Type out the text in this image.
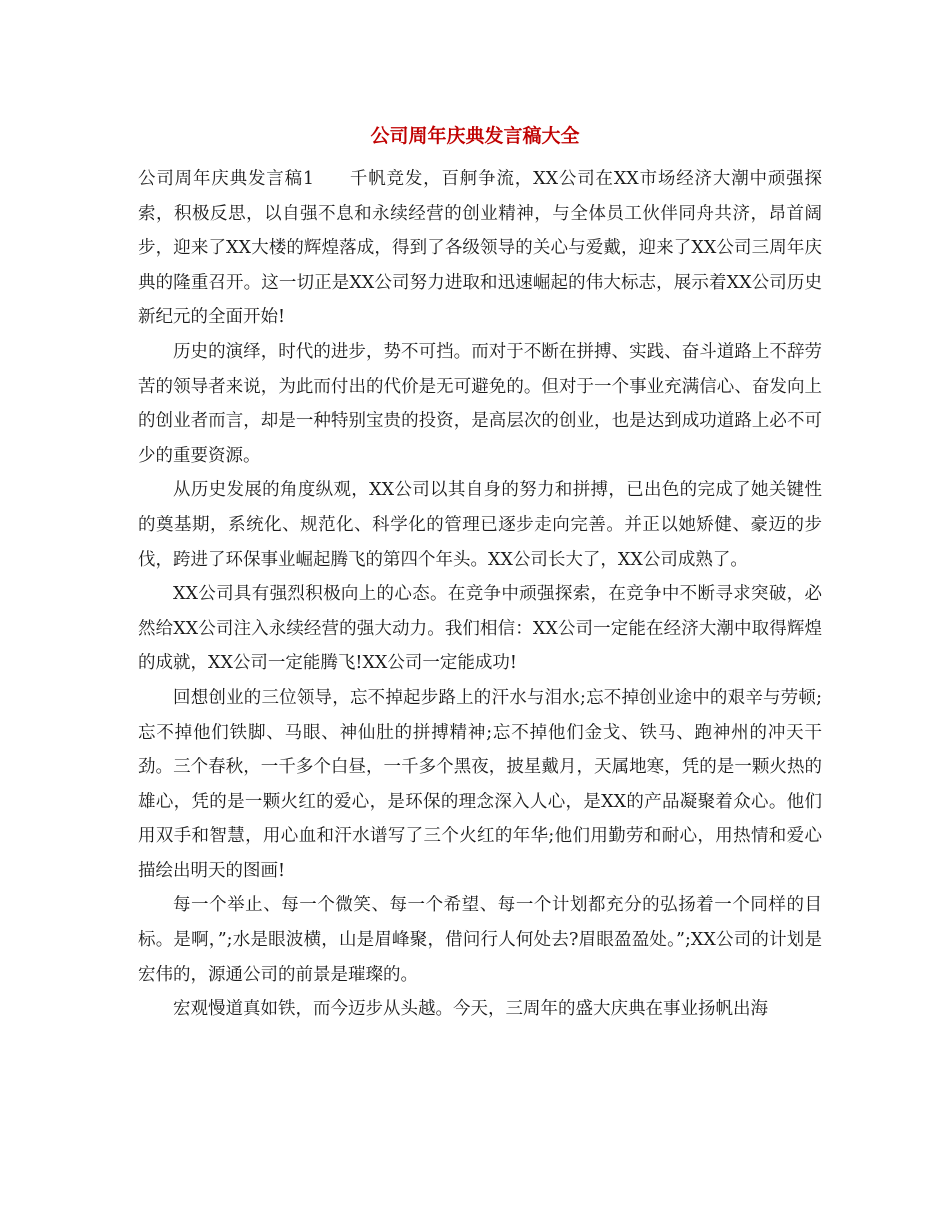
公司周年庆典发言稿大全

公司周年庆典发言稿1 千帆竞发，百舸争流，XX公司在XX市场经济大潮中顽强探索，积极反思，以自强不息和永续经营的创业精神，与全体员工伙伴同舟共济，昂首阔步，迎来了XX大楼的辉煌落成，得到了各级领导的关心与爱戴，迎来了XX公司三周年庆典的隆重召开。这一切正是XX公司努力进取和迅速崛起的伟大标志，展示着XX公司历史新纪元的全面开始!

历史的演绎，时代的进步，势不可挡。而对于不断在拼搏、实践、奋斗道路上不辞劳苦的领导者来说，为此而付出的代价是无可避免的。但对于一个事业充满信心、奋发向上的创业者而言，却是一种特别宝贵的投资，是高层次的创业，也是达到成功道路上必不可少的重要资源。

从历史发展的角度纵观，XX公司以其自身的努力和拼搏，已出色的完成了她关键性的奠基期，系统化、规范化、科学化的管理已逐步走向完善。并正以她矫健、豪迈的步伐，跨进了环保事业崛起腾飞的第四个年头。XX公司长大了，XX公司成熟了。

XX公司具有强烈积极向上的心态。在竞争中顽强探索，在竞争中不断寻求突破，必然给XX公司注入永续经营的强大动力。我们相信：XX公司一定能在经济大潮中取得辉煌的成就，XX公司一定能腾飞!XX公司一定能成功!

回想创业的三位领导，忘不掉起步路上的汗水与泪水;忘不掉创业途中的艰辛与劳顿;忘不掉他们铁脚、马眼、神仙肚的拼搏精神;忘不掉他们金戈、铁马、跑神州的冲天干劲。三个春秋，一千多个白昼，一千多个黑夜，披星戴月，天属地寒，凭的是一颗火热的雄心，凭的是一颗火红的爱心，是环保的理念深入人心，是XX的产品凝聚着众心。他们用双手和智慧，用心血和汗水谱写了三个火红的年华;他们用勤劳和耐心，用热情和爱心描绘出明天的图画!

每一个举止、每一个微笑、每一个希望、每一个计划都充分的弘扬着一个同样的目标。是啊，”;水是眼波横，山是眉峰聚，借问行人何处去?眉眼盈盈处。”;XX公司的计划是宏伟的，源通公司的前景是璀璨的。

宏观慢道真如铁，而今迈步从头越。今天，三周年的盛大庆典在事业扬帆出海
